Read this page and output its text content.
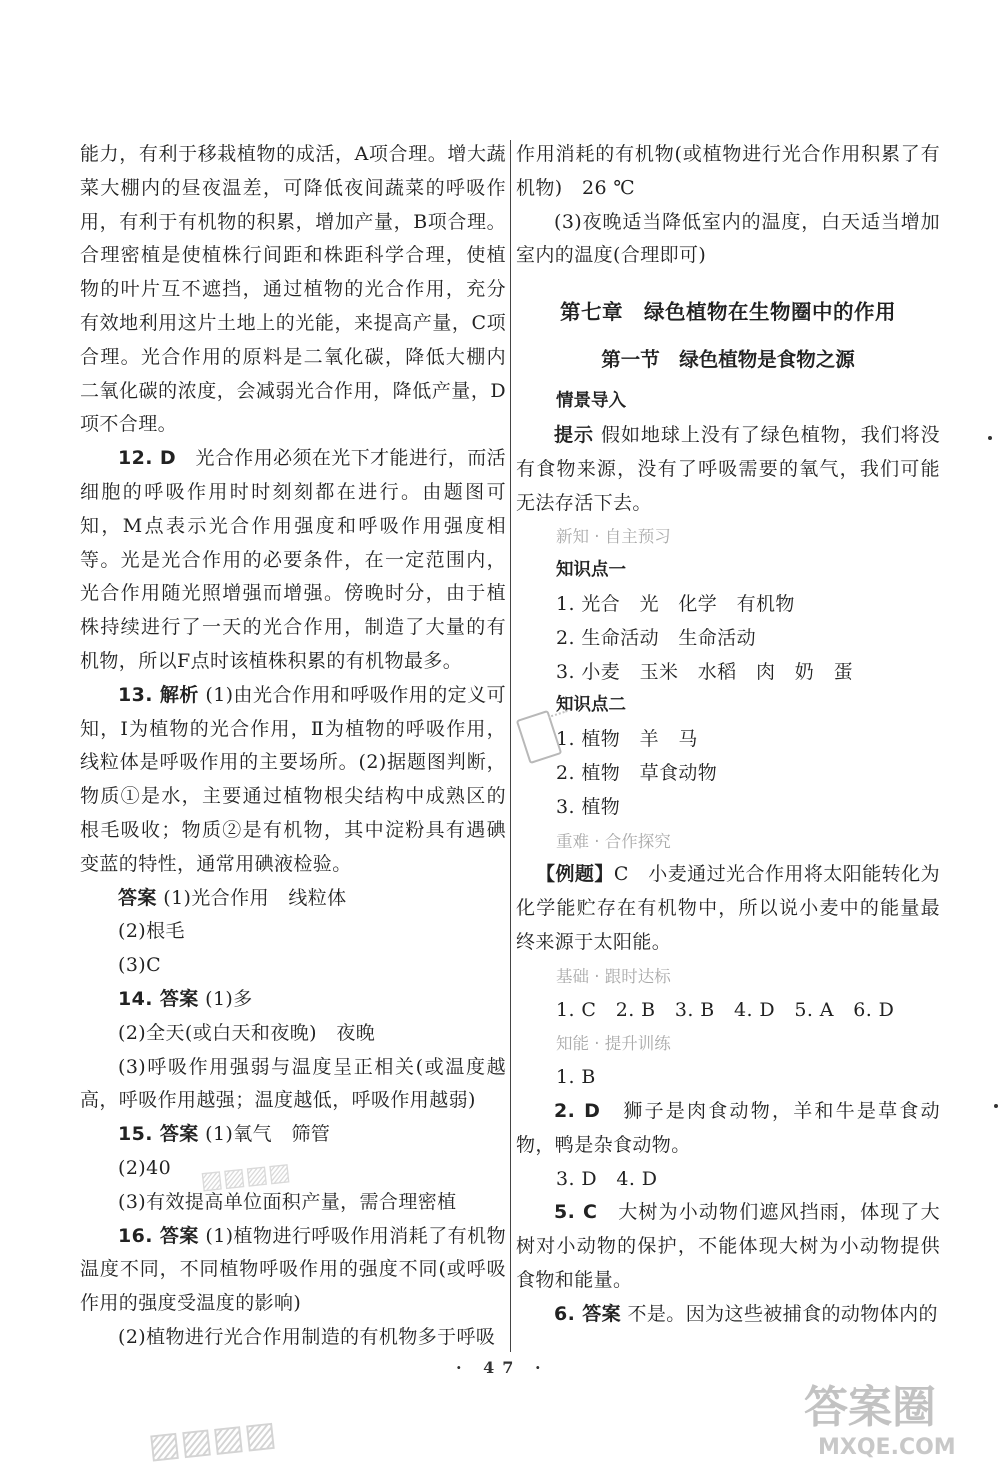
能力，有利于移栽植物的成活，A项合理。增大蔬菜大棚内的昼夜温差，可降低夜间蔬菜的呼吸作用，有利于有机物的积累，增加产量，B项合理。合理密植是使植株行间距和株距科学合理，使植物的叶片互不遮挡，通过植物的光合作用，充分有效地利用这片土地上的光能，来提高产量，C项合理。光合作用的原料是二氧化碳，降低大棚内二氧化碳的浓度，会减弱光合作用，降低产量，D项不合理。

12. D　光合作用必须在光下才能进行，而活细胞的呼吸作用时时刻刻都在进行。由题图可知，M点表示光合作用强度和呼吸作用强度相等。光是光合作用的必要条件，在一定范围内，光合作用随光照增强而增强。傍晚时分，由于植株持续进行了一天的光合作用，制造了大量的有机物，所以F点时该植株积累的有机物最多。

13. 解析 (1)由光合作用和呼吸作用的定义可知，Ⅰ为植物的光合作用，Ⅱ为植物的呼吸作用，线粒体是呼吸作用的主要场所。(2)据题图判断，物质①是水，主要通过植物根尖结构中成熟区的根毛吸收；物质②是有机物，其中淀粉具有遇碘变蓝的特性，通常用碘液检验。

答案 (1)光合作用　线粒体

(2)根毛

(3)C

14. 答案 (1)多

(2)全天(或白天和夜晚)　夜晚

(3)呼吸作用强弱与温度呈正相关(或温度越高，呼吸作用越强；温度越低，呼吸作用越弱)

15. 答案 (1)氧气　筛管

(2)40

(3)有效提高单位面积产量，需合理密植

16. 答案 (1)植物进行呼吸作用消耗了有机物　温度不同，不同植物呼吸作用的强度不同(或呼吸作用的强度受温度的影响)

(2)植物进行光合作用制造的有机物多于呼吸

作用消耗的有机物(或植物进行光合作用积累了有机物)　26 ℃

(3)夜晚适当降低室内的温度，白天适当增加室内的温度(合理即可)

第七章　绿色植物在生物圈中的作用
第一节　绿色植物是食物之源
情景导入

提示 假如地球上没有了绿色植物，我们将没有食物来源，没有了呼吸需要的氧气，我们可能无法存活下去。

新知 · 自主预习
知识点一

1. 光合　光　化学　有机物

2. 生命活动　生命活动

3. 小麦　玉米　水稻　肉　奶　蛋

知识点二

1. 植物　羊　马

2. 植物　草食动物

3. 植物

重难 · 合作探究

【例题】C　小麦通过光合作用将太阳能转化为化学能贮存在有机物中，所以说小麦中的能量最终来源于太阳能。

基础 · 跟时达标

1. C　2. B　3. B　4. D　5. A　6. D

知能 · 提升训练

1. B

2. D　狮子是肉食动物，羊和牛是草食动物，鸭是杂食动物。

3. D　4. D

5. C　大树为小动物们遮风挡雨，体现了大树对小动物的保护，不能体现大树为小动物提供食物和能量。

6. 答案 不是。因为这些被捕食的动物体内的

▨▨▨▨
▨▨▨▨
· 47 ·
答案圈
MXQE.COM
